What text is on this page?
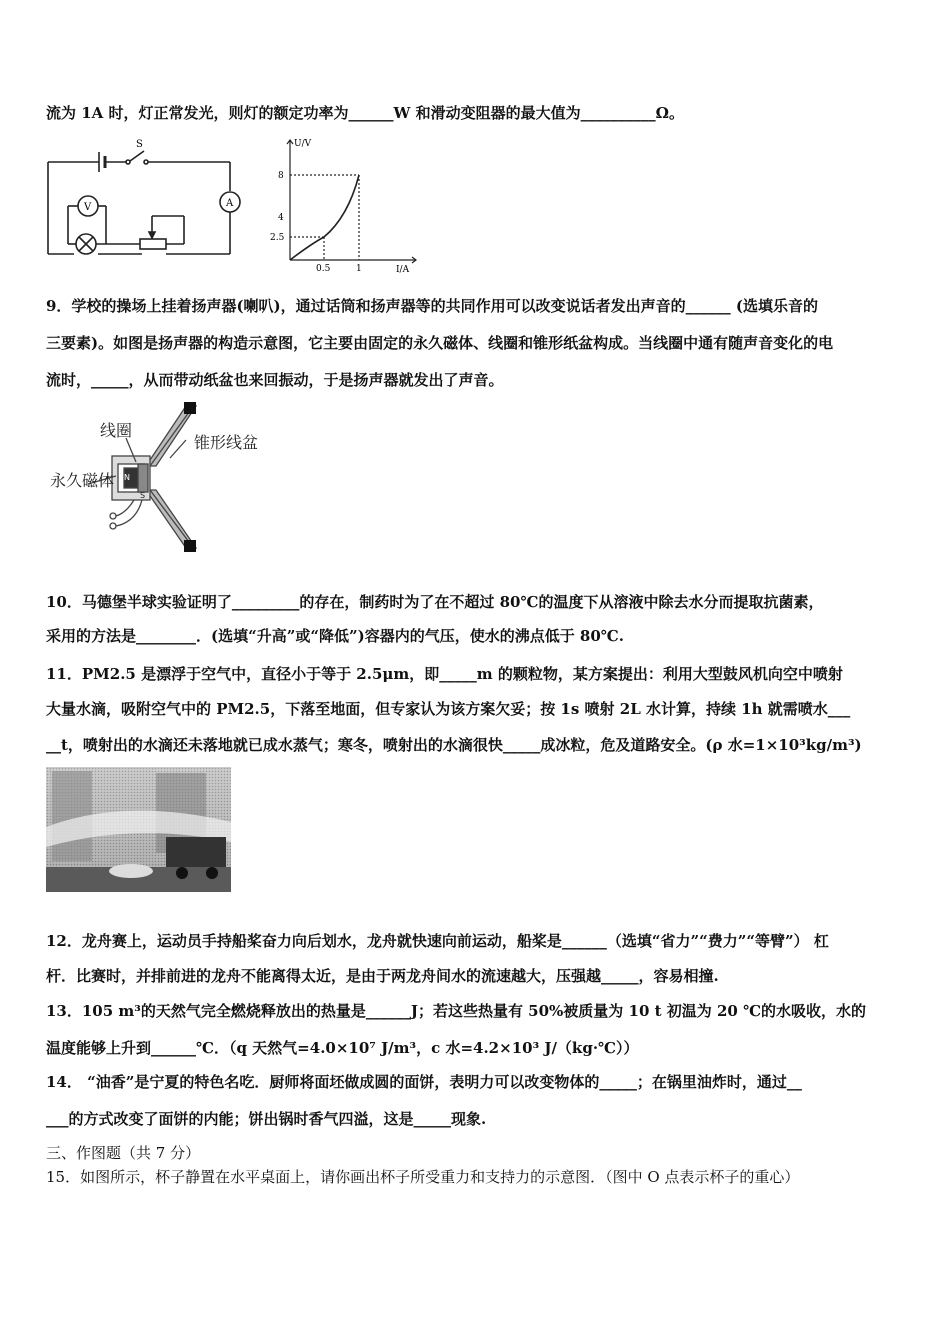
流为 1A 时，灯正常发光，则灯的额定功率为______W 和滑动变阻器的最大值为__________Ω。
S
A
V
U/V
I/A
8
4
2.5
0.5	1
9．学校的操场上挂着扬声器(喇叭)，通过话筒和扬声器等的共同作用可以改变说话者发出声音的______ (选填乐音的
三要素)。如图是扬声器的构造示意图，它主要由固定的永久磁体、线圈和锥形纸盆构成。当线圈中通有随声音变化的电
流时，_____，从而带动纸盆也来回振动，于是扬声器就发出了声音。
线圈
锥形线盆
永久磁体 N
S
10．马德堡半球实验证明了_________的存在，制药时为了在不超过 80℃的温度下从溶液中除去水分而提取抗菌素，
采用的方法是________．(选填“升高”或“降低”)容器内的气压，使水的沸点低于 80℃.
11．PM2.5 是漂浮于空气中，直径小于等于 2.5μm，即_____m 的颗粒物，某方案提出：利用大型鼓风机向空中喷射
大量水滴，吸附空气中的 PM2.5，下落至地面，但专家认为该方案欠妥；按 1s 喷射 2L 水计算，持续 1h 就需喷水___
__t，喷射出的水滴还未落地就已成水蒸气；寒冬，喷射出的水滴很快_____成冰粒，危及道路安全。(ρ 水=1×10³kg/m³)
12．龙舟赛上，运动员手持船桨奋力向后划水，龙舟就快速向前运动，船桨是______（选填“省力”“费力”“等臂”） 杠
杆．比赛时，并排前进的龙舟不能离得太近，是由于两龙舟间水的流速越大，压强越_____，容易相撞.
13．105 m³的天然气完全燃烧释放出的热量是______J；若这些热量有 50%被质量为 10 t 初温为 20 ℃的水吸收，水的
温度能够上升到______℃．（q 天然气=4.0×10⁷ J/m³，c 水=4.2×10³ J/（kg·℃））
14． “油香”是宁夏的特色名吃．厨师将面坯做成圆的面饼，表明力可以改变物体的_____；在锅里油炸时，通过__
___的方式改变了面饼的内能；饼出锅时香气四溢，这是_____现象.
三、作图题（共 7 分）
15．如图所示，杯子静置在水平桌面上，请你画出杯子所受重力和支持力的示意图．（图中 O 点表示杯子的重心）
